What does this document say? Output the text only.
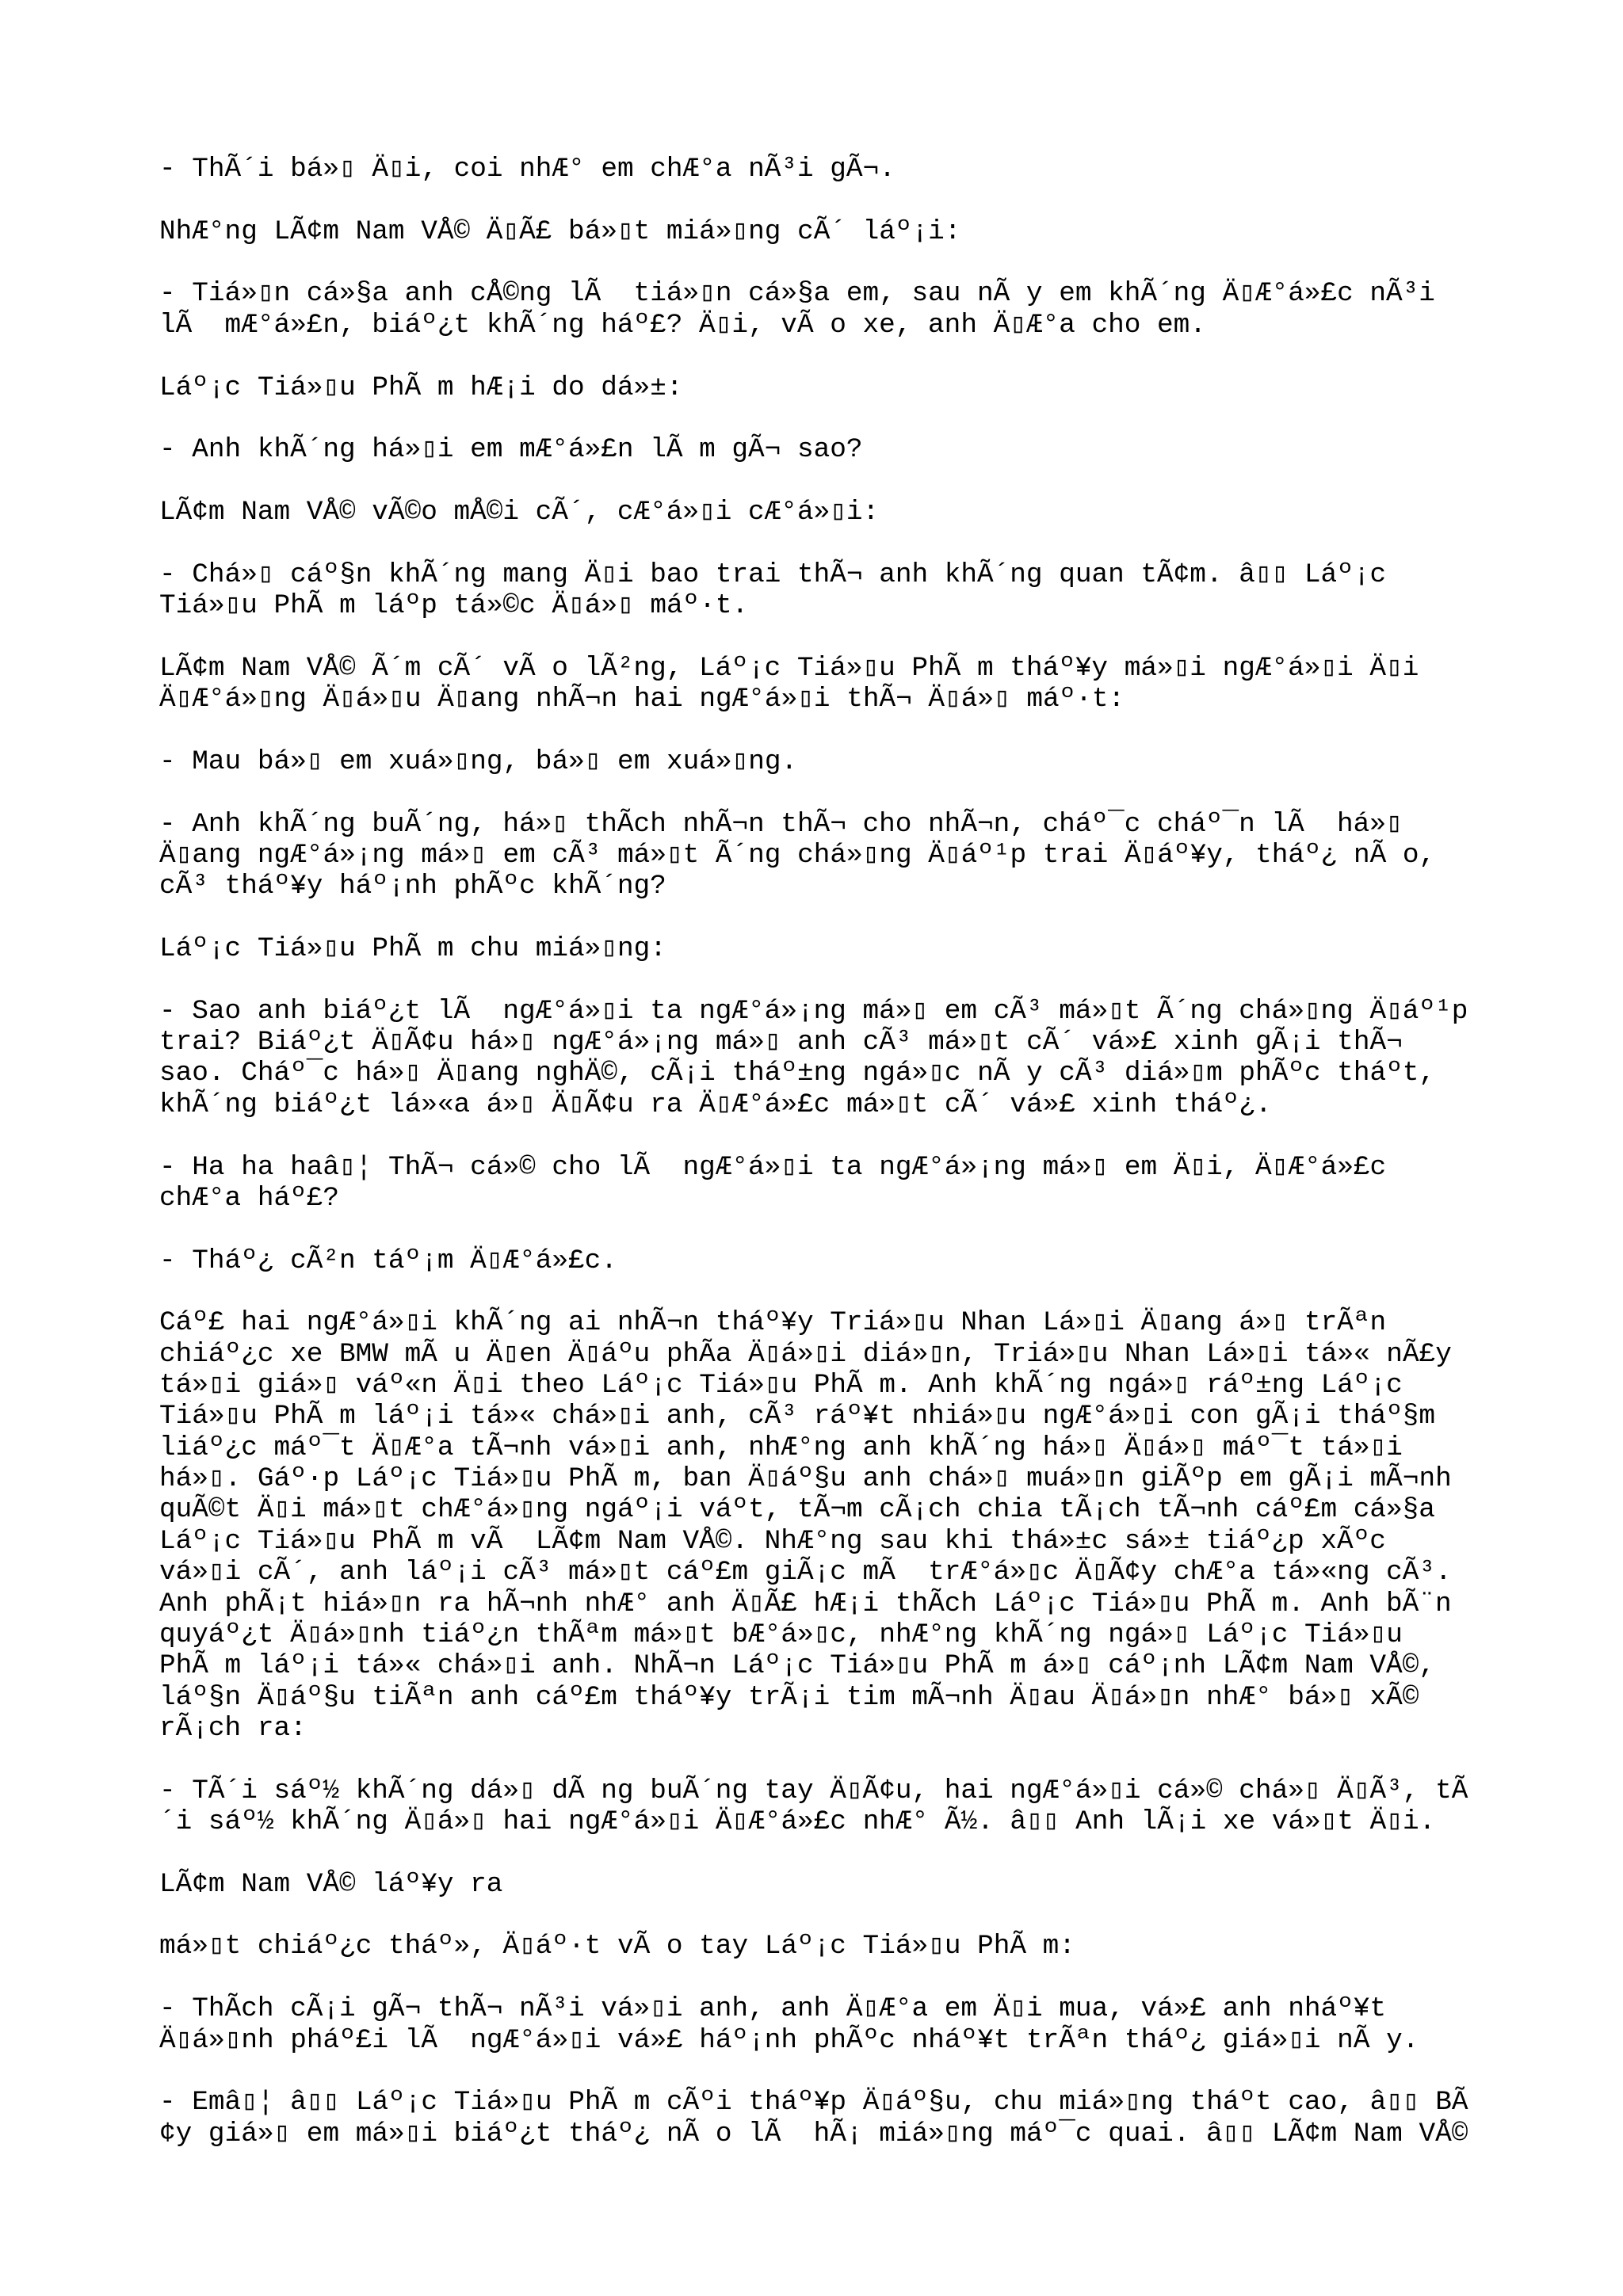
- ThÃ´i bá»▯ Ä▯i, coi nhÆ° em chÆ°a nÃ³i gÃ¬.
NhÆ°ng LÃ¢m Nam VÅ© Ä▯Ã£ bá»▯t miá»▯ng cÃ´ láº¡i:
- Tiá»▯n cá»§a anh cÅ©ng lÃ  tiá»▯n cá»§a em, sau nÃ y em khÃ´ng Ä▯Æ°á»£c nÃ³i
lÃ  mÆ°á»£n, biáº¿t khÃ´ng háº£? Ä▯i, vÃ o xe, anh Ä▯Æ°a cho em.
Láº¡c Tiá»▯u PhÃ m hÆ¡i do dá»±:
- Anh khÃ´ng há»▯i em mÆ°á»£n lÃ m gÃ¬ sao?
LÃ¢m Nam VÅ© vÃ©o mÅ©i cÃ´, cÆ°á»▯i cÆ°á»▯i:
- Chá»▯ cáº§n khÃ´ng mang Ä▯i bao trai thÃ¬ anh khÃ´ng quan tÃ¢m. â▯▯ Láº¡c
Tiá»▯u PhÃ m láºp tá»©c Ä▯á»▯ máº·t.
LÃ¢m Nam VÅ© Ã´m cÃ´ vÃ o lÃ²ng, Láº¡c Tiá»▯u PhÃ m tháº¥y má»▯i ngÆ°á»▯i Ä▯i
Ä▯Æ°á»▯ng Ä▯á»▯u Ä▯ang nhÃ¬n hai ngÆ°á»▯i thÃ¬ Ä▯á»▯ máº·t:
- Mau bá»▯ em xuá»▯ng, bá»▯ em xuá»▯ng.
- Anh khÃ´ng buÃ´ng, há»▯ thÃch nhÃ¬n thÃ¬ cho nhÃ¬n, cháº¯c cháº¯n lÃ  há»▯
Ä▯ang ngÆ°á»¡ng má»▯ em cÃ³ má»▯t Ã´ng chá»▯ng Ä▯áº¹p trai Ä▯áº¥y, tháº¿ nÃ o,
cÃ³ tháº¥y háº¡nh phÃºc khÃ´ng?
Láº¡c Tiá»▯u PhÃ m chu miá»▯ng:
- Sao anh biáº¿t lÃ  ngÆ°á»▯i ta ngÆ°á»¡ng má»▯ em cÃ³ má»▯t Ã´ng chá»▯ng Ä▯áº¹p
trai? Biáº¿t Ä▯Ã¢u há»▯ ngÆ°á»¡ng má»▯ anh cÃ³ má»▯t cÃ´ vá»£ xinh gÃ¡i thÃ¬
sao. Cháº¯c há»▯ Ä▯ang nghÄ©, cÃ¡i tháº±ng ngá»▯c nÃ y cÃ³ diá»▯m phÃºc tháºt,
khÃ´ng biáº¿t lá»«a á»▯ Ä▯Ã¢u ra Ä▯Æ°á»£c má»▯t cÃ´ vá»£ xinh tháº¿.
- Ha ha haâ▯¦ ThÃ¬ cá»© cho lÃ  ngÆ°á»▯i ta ngÆ°á»¡ng má»▯ em Ä▯i, Ä▯Æ°á»£c
chÆ°a háº£?
- Tháº¿ cÃ²n táº¡m Ä▯Æ°á»£c.
Cáº£ hai ngÆ°á»▯i khÃ´ng ai nhÃ¬n tháº¥y Triá»▯u Nhan Lá»▯i Ä▯ang á»▯ trÃªn
chiáº¿c xe BMW mÃ u Ä▯en Ä▯áºu phÃa Ä▯á»▯i diá»▯n, Triá»▯u Nhan Lá»▯i tá»« nÃ£y
tá»▯i giá»▯ váº«n Ä▯i theo Láº¡c Tiá»▯u PhÃ m. Anh khÃ´ng ngá»▯ ráº±ng Láº¡c
Tiá»▯u PhÃ m láº¡i tá»« chá»▯i anh, cÃ³ ráº¥t nhiá»▯u ngÆ°á»▯i con gÃ¡i tháº§m
liáº¿c máº¯t Ä▯Æ°a tÃ¬nh vá»▯i anh, nhÆ°ng anh khÃ´ng há»▯ Ä▯á»▯ máº¯t tá»▯i
há»▯. Gáº·p Láº¡c Tiá»▯u PhÃ m, ban Ä▯áº§u anh chá»▯ muá»▯n giÃºp em gÃ¡i mÃ¬nh
quÃ©t Ä▯i má»▯t chÆ°á»▯ng ngáº¡i váºt, tÃ¬m cÃ¡ch chia tÃ¡ch tÃ¬nh cáº£m cá»§a
Láº¡c Tiá»▯u PhÃ m vÃ  LÃ¢m Nam VÅ©. NhÆ°ng sau khi thá»±c sá»± tiáº¿p xÃºc
vá»▯i cÃ´, anh láº¡i cÃ³ má»▯t cáº£m giÃ¡c mÃ  trÆ°á»▯c Ä▯Ã¢y chÆ°a tá»«ng cÃ³.
Anh phÃ¡t hiá»▯n ra hÃ¬nh nhÆ° anh Ä▯Ã£ hÆ¡i thÃch Láº¡c Tiá»▯u PhÃ m. Anh bÃ¨n
quyáº¿t Ä▯á»▯nh tiáº¿n thÃªm má»▯t bÆ°á»▯c, nhÆ°ng khÃ´ng ngá»▯ Láº¡c Tiá»▯u
PhÃ m láº¡i tá»« chá»▯i anh. NhÃ¬n Láº¡c Tiá»▯u PhÃ m á»▯ cáº¡nh LÃ¢m Nam VÅ©,
láº§n Ä▯áº§u tiÃªn anh cáº£m tháº¥y trÃ¡i tim mÃ¬nh Ä▯au Ä▯á»▯n nhÆ° bá»▯ xÃ©
rÃ¡ch ra:
- TÃ´i sáº½ khÃ´ng dá»▯ dÃ ng buÃ´ng tay Ä▯Ã¢u, hai ngÆ°á»▯i cá»© chá»▯ Ä▯Ã³, tÃ
´i sáº½ khÃ´ng Ä▯á»▯ hai ngÆ°á»▯i Ä▯Æ°á»£c nhÆ° Ã½. â▯▯ Anh lÃ¡i xe vá»▯t Ä▯i.
LÃ¢m Nam VÅ© láº¥y ra
má»▯t chiáº¿c tháº», Ä▯áº·t vÃ o tay Láº¡c Tiá»▯u PhÃ m:
- ThÃch cÃ¡i gÃ¬ thÃ¬ nÃ³i vá»▯i anh, anh Ä▯Æ°a em Ä▯i mua, vá»£ anh nháº¥t
Ä▯á»▯nh pháº£i lÃ  ngÆ°á»▯i vá»£ háº¡nh phÃºc nháº¥t trÃªn tháº¿ giá»▯i nÃ y.
- Emâ▯¦ â▯▯ Láº¡c Tiá»▯u PhÃ m cÃºi tháº¥p Ä▯áº§u, chu miá»▯ng tháºt cao, â▯▯ BÃ
¢y giá»▯ em má»▯i biáº¿t tháº¿ nÃ o lÃ  hÃ¡ miá»▯ng máº¯c quai. â▯▯ LÃ¢m Nam VÅ©
